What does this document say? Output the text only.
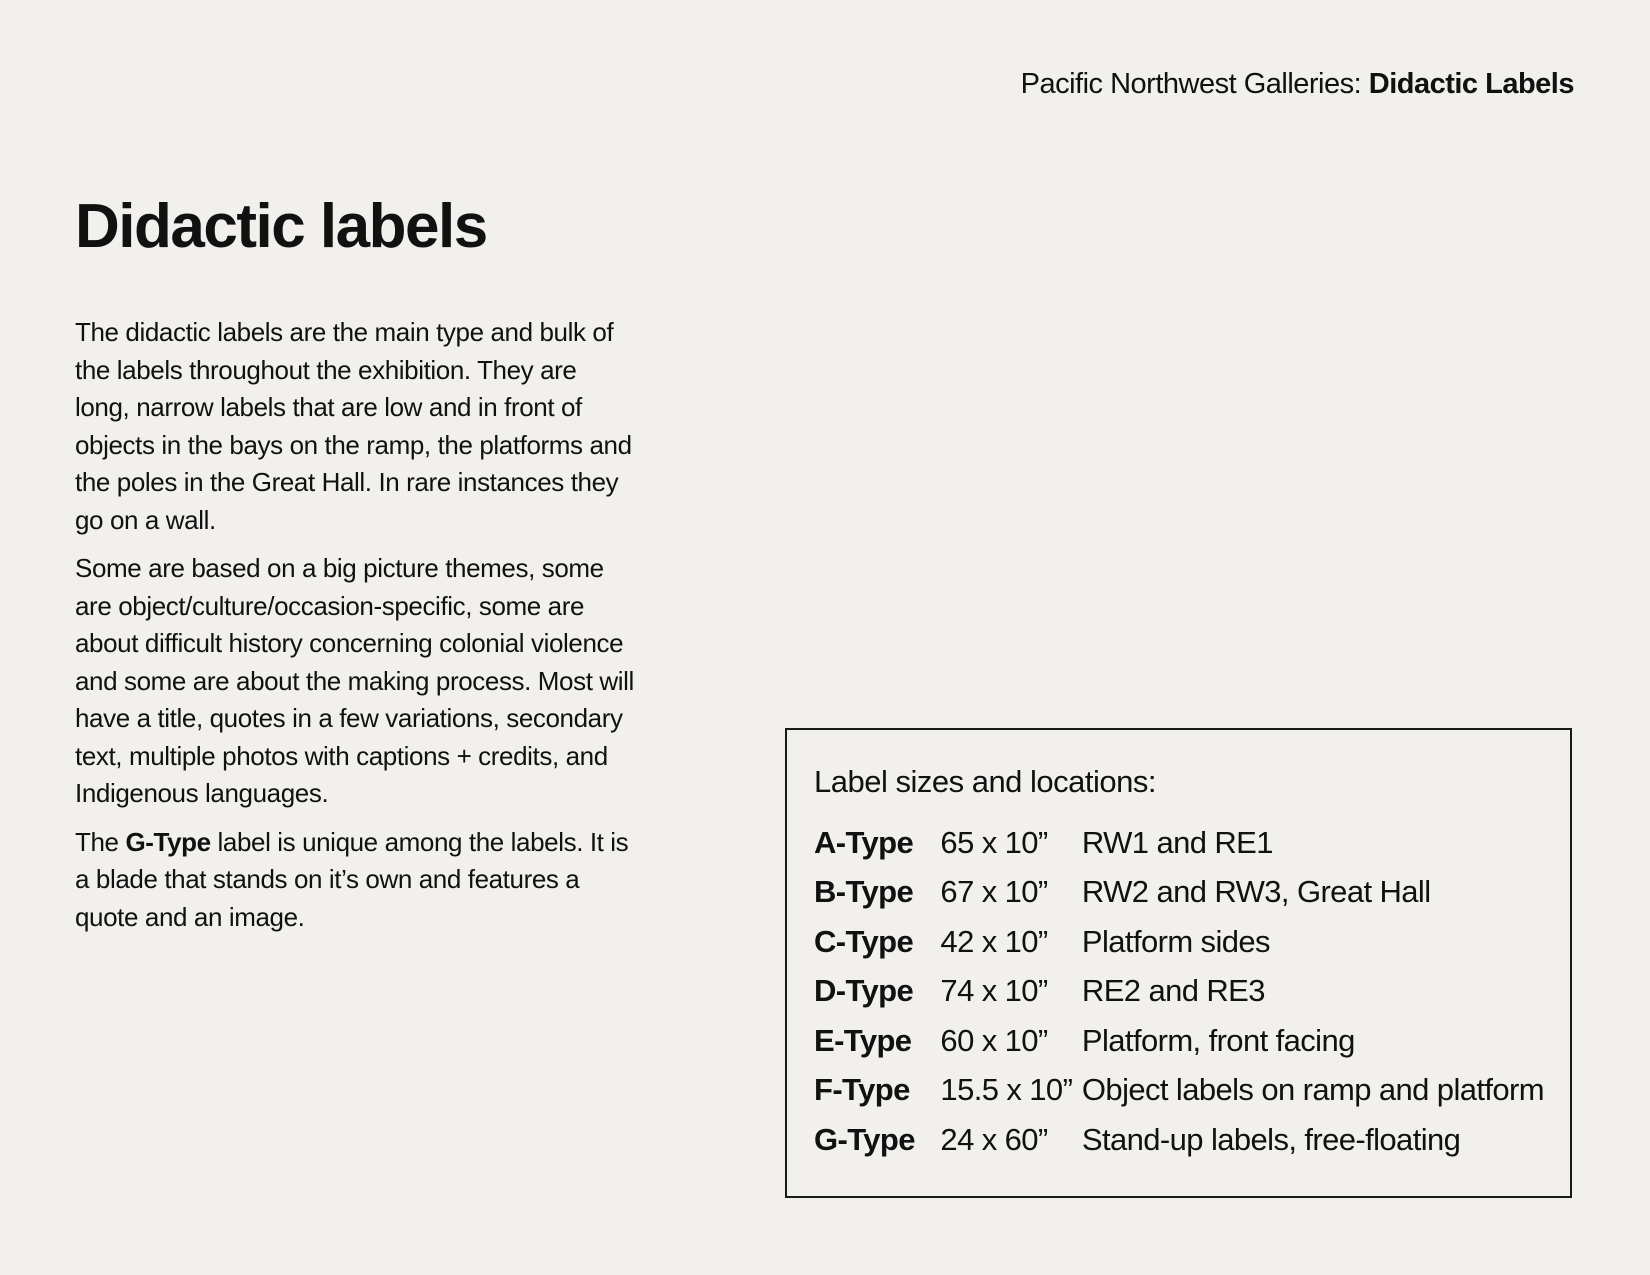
Pacific Northwest Galleries: Didactic Labels
Didactic labels

The didactic labels are the main type and bulk of the labels throughout the exhibition. They are long, narrow labels that are low and in front of objects in the bays on the ramp, the platforms and the poles in the Great Hall. In rare instances they go on a wall.

Some are based on a big picture themes, some are object/culture/occasion-specific, some are about difficult history concerning colonial violence and some are about the making process. Most will have a title, quotes in a few variations, secondary text, multiple photos with captions + credits, and Indigenous languages.

The G-Type label is unique among the labels. It is a blade that stands on it’s own and features a quote and an image.

Label sizes and locations:
A-Type	65 x 10”	RW1 and RE1
B-Type	67 x 10”	RW2 and RW3, Great Hall
C-Type	42 x 10”	Platform sides
D-Type	74 x 10”	RE2 and RE3
E-Type	60 x 10”	Platform, front facing
F-Type	15.5 x 10”	Object labels on ramp and platform
G-Type	24 x 60”	Stand-up labels, free-floating
